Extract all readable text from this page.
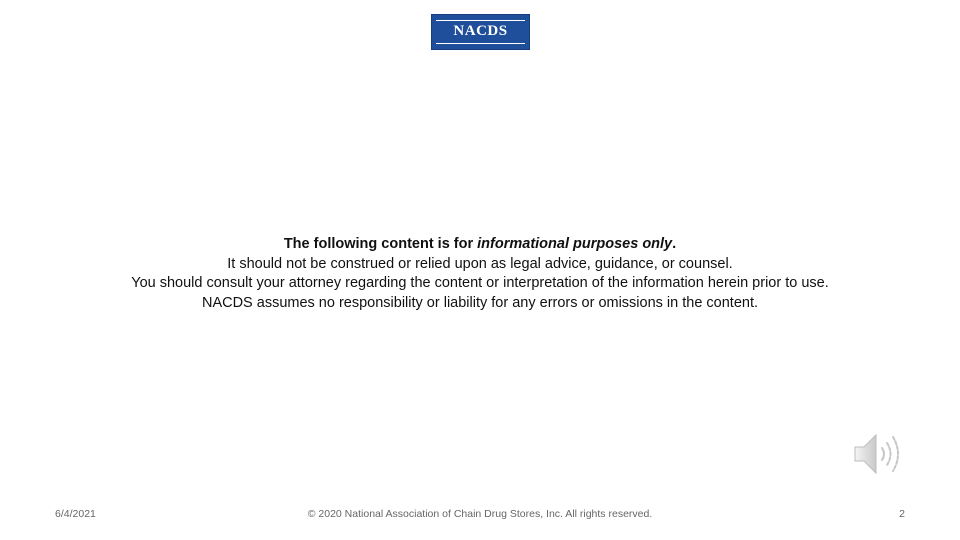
NACDS
The following content is for informational purposes only.
It should not be construed or relied upon as legal advice, guidance, or counsel.
You should consult your attorney regarding the content or interpretation of the information herein prior to use.
NACDS assumes no responsibility or liability for any errors or omissions in the content.
6/4/2021	© 2020 National Association of Chain Drug Stores, Inc. All rights reserved.	2
